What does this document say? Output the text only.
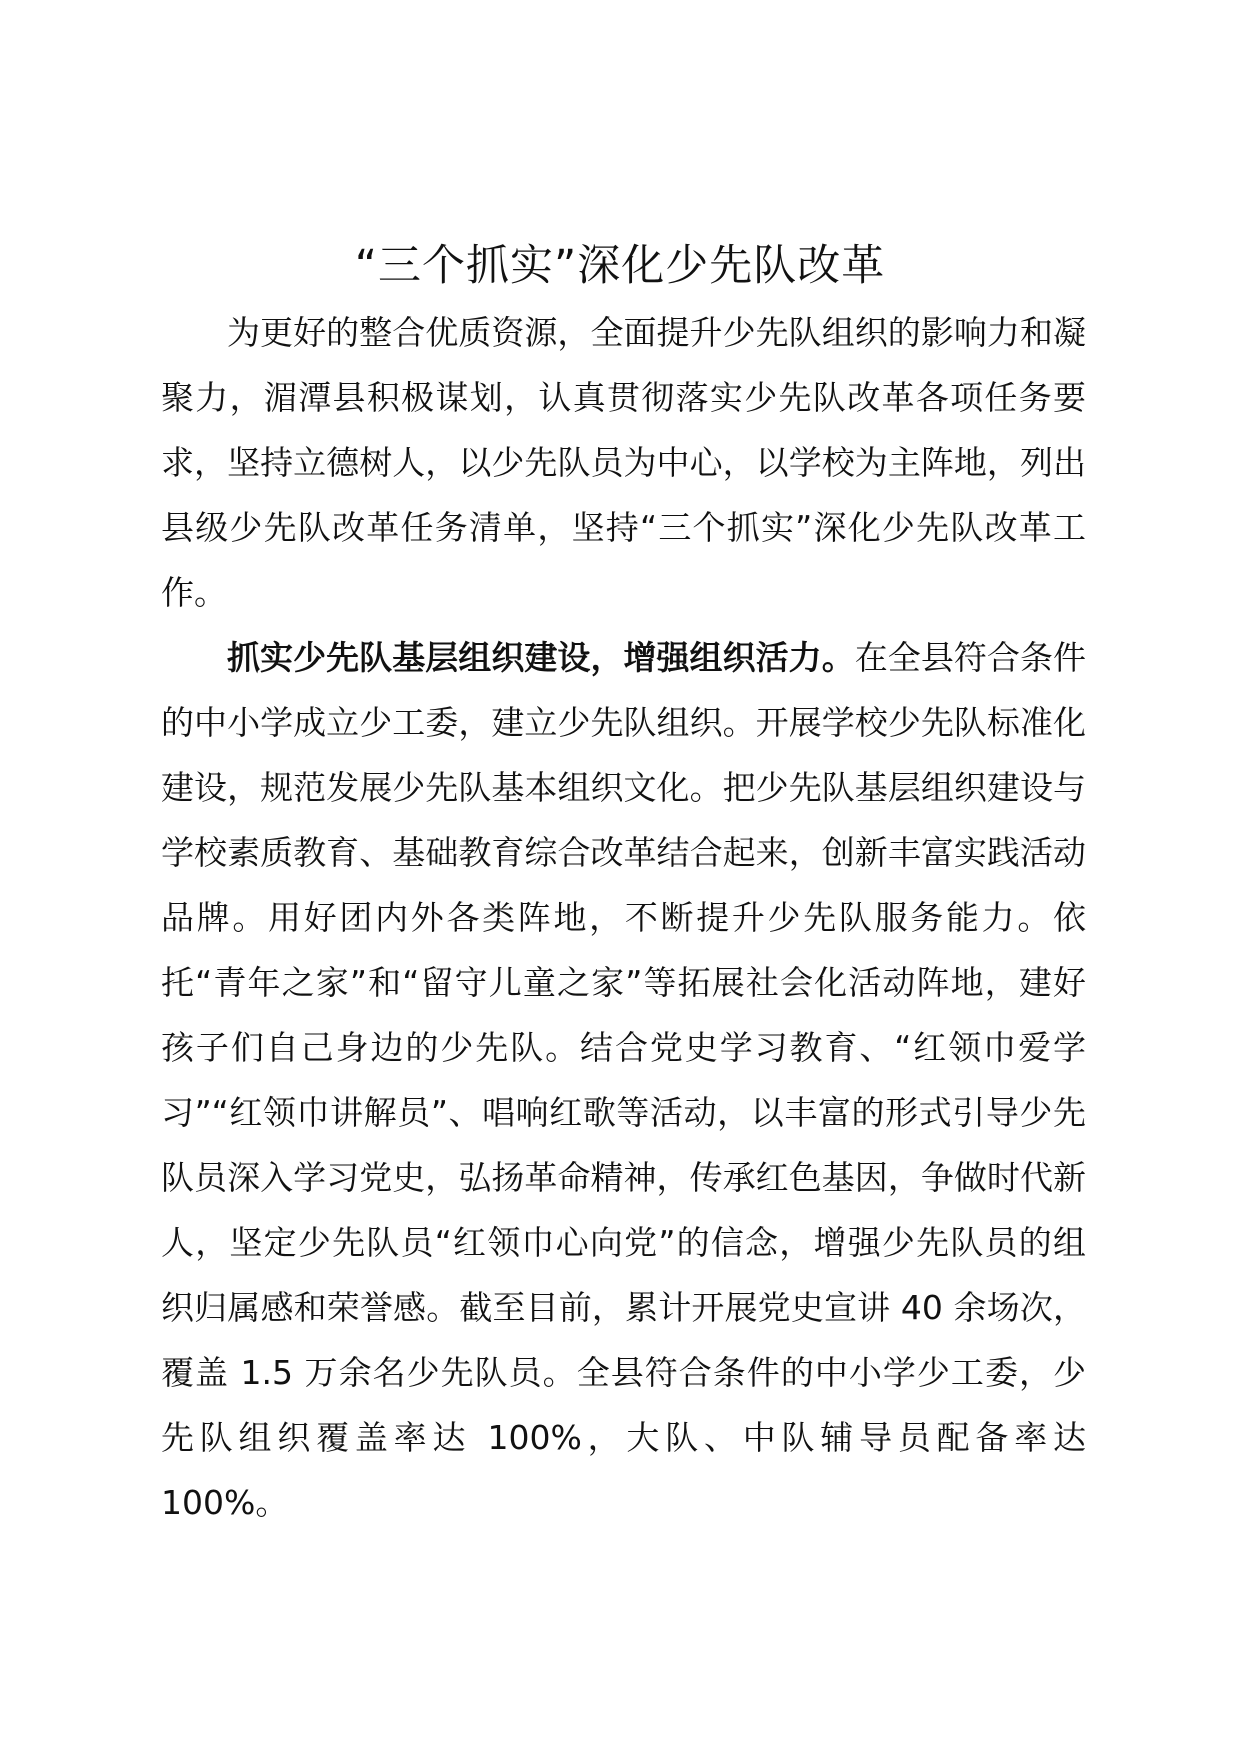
“三个抓实”深化少先队改革

为更好的整合优质资源，全面提升少先队组织的影响力和凝聚力，湄潭县积极谋划，认真贯彻落实少先队改革各项任务要求，坚持立德树人，以少先队员为中心，以学校为主阵地，列出县级少先队改革任务清单，坚持“三个抓实”深化少先队改革工作。

抓实少先队基层组织建设，增强组织活力。在全县符合条件的中小学成立少工委，建立少先队组织。开展学校少先队标准化建设，规范发展少先队基本组织文化。把少先队基层组织建设与学校素质教育、基础教育综合改革结合起来，创新丰富实践活动品牌。用好团内外各类阵地，不断提升少先队服务能力。依托“青年之家”和“留守儿童之家”等拓展社会化活动阵地，建好孩子们自己身边的少先队。结合党史学习教育、“红领巾爱学习”“红领巾讲解员”、唱响红歌等活动，以丰富的形式引导少先队员深入学习党史，弘扬革命精神，传承红色基因，争做时代新人，坚定少先队员“红领巾心向党”的信念，增强少先队员的组织归属感和荣誉感。截至目前，累计开展党史宣讲 40 余场次，覆盖 1.5 万余名少先队员。全县符合条件的中小学少工委，少先队组织覆盖率达 100%，大队、中队辅导员配备率达 100%。
